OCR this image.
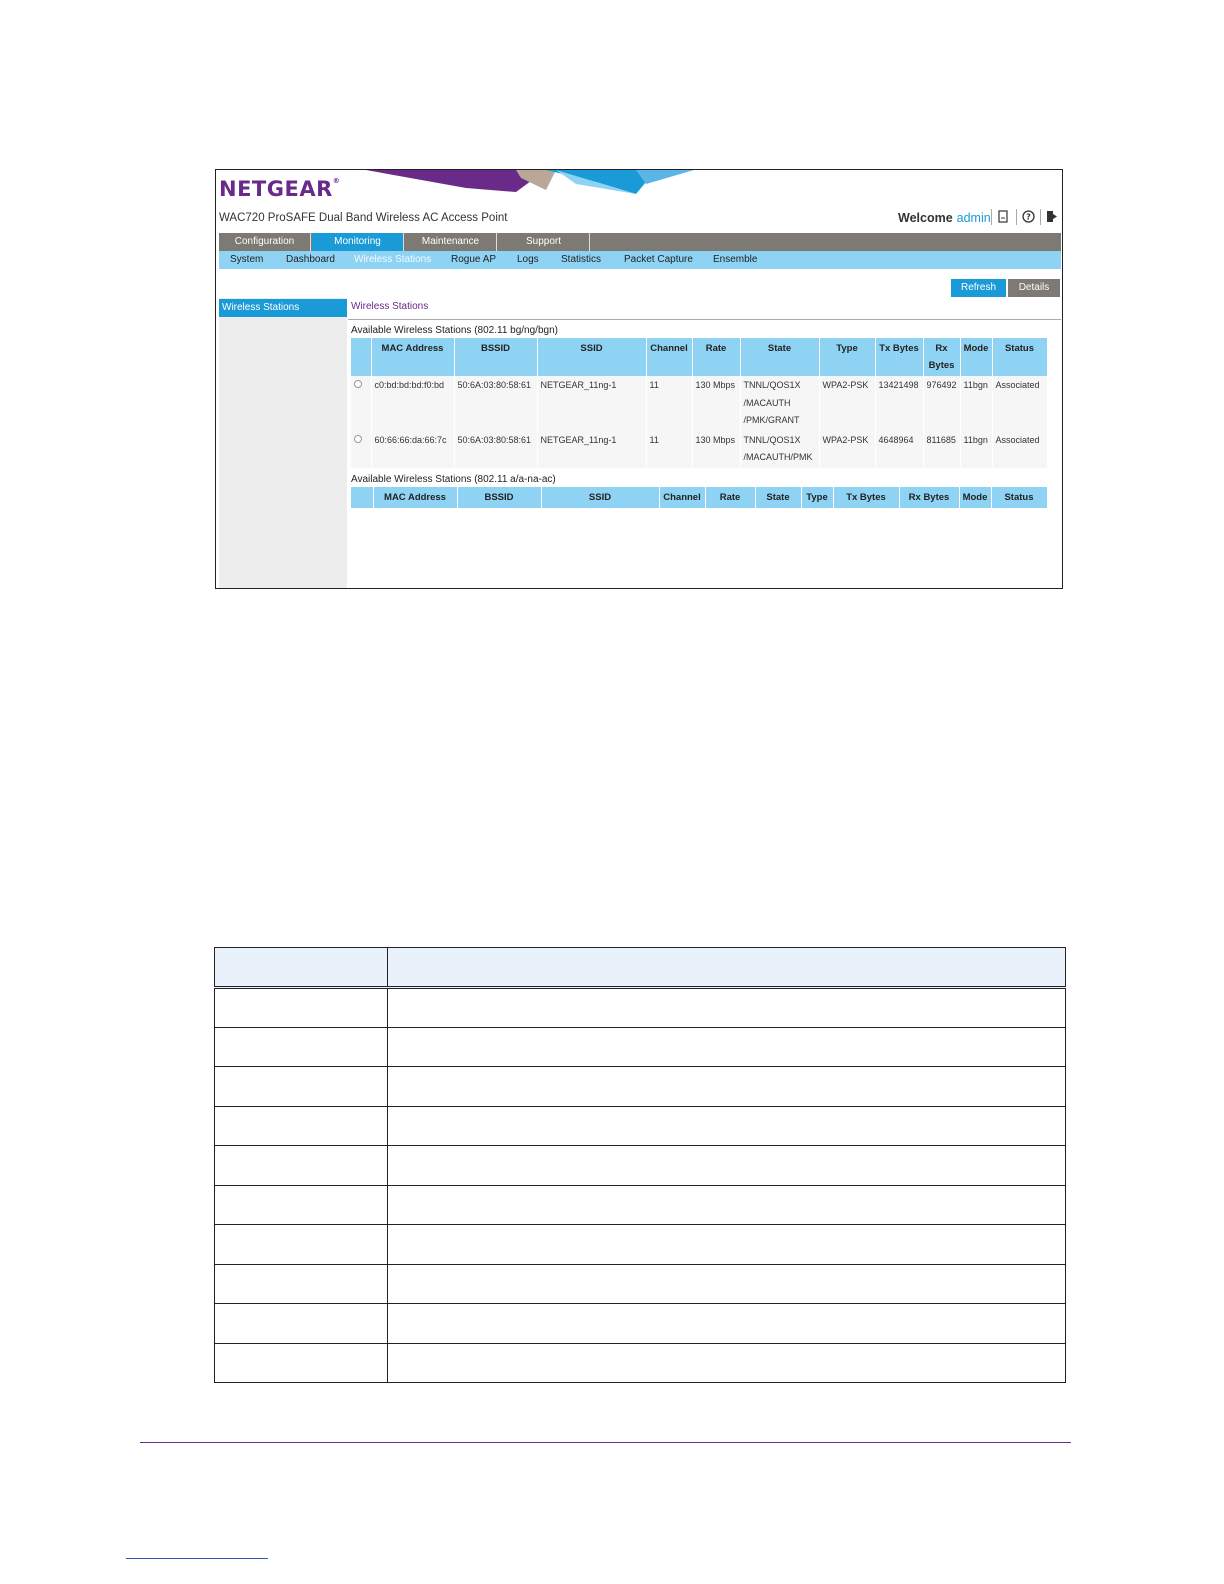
NETGEAR®
WAC720 ProSAFE Dual Band Wireless AC Access Point	Welcome admin	?
Configuration	Monitoring	Maintenance	Support
System Dashboard Wireless Stations Rogue AP Logs Statistics Packet Capture Ensemble
Wireless Stations
Refresh	Details
Wireless Stations
Available Wireless Stations (802.11 bg/ng/bgn)
	MAC Address	BSSID	SSID	Channel	Rate	State	Type	Tx Bytes	Rx Bytes	Mode	Status
	c0:bd:bd:bd:f0:bd	50:6A:03:80:58:61	NETGEAR_11ng-1	11	130 Mbps	TNNL/QOS1X /MACAUTH /PMK/GRANT	WPA2-PSK	13421498	976492	11bgn	Associated
	60:66:66:da:66:7c	50:6A:03:80:58:61	NETGEAR_11ng-1	11	130 Mbps	TNNL/QOS1X /MACAUTH/PMK	WPA2-PSK	4648964	811685	11bgn	Associated
Available Wireless Stations (802.11 a/a-na-ac)
	MAC Address	BSSID	SSID	Channel	Rate	State	Type	Tx Bytes	Rx Bytes	Mode	Status
